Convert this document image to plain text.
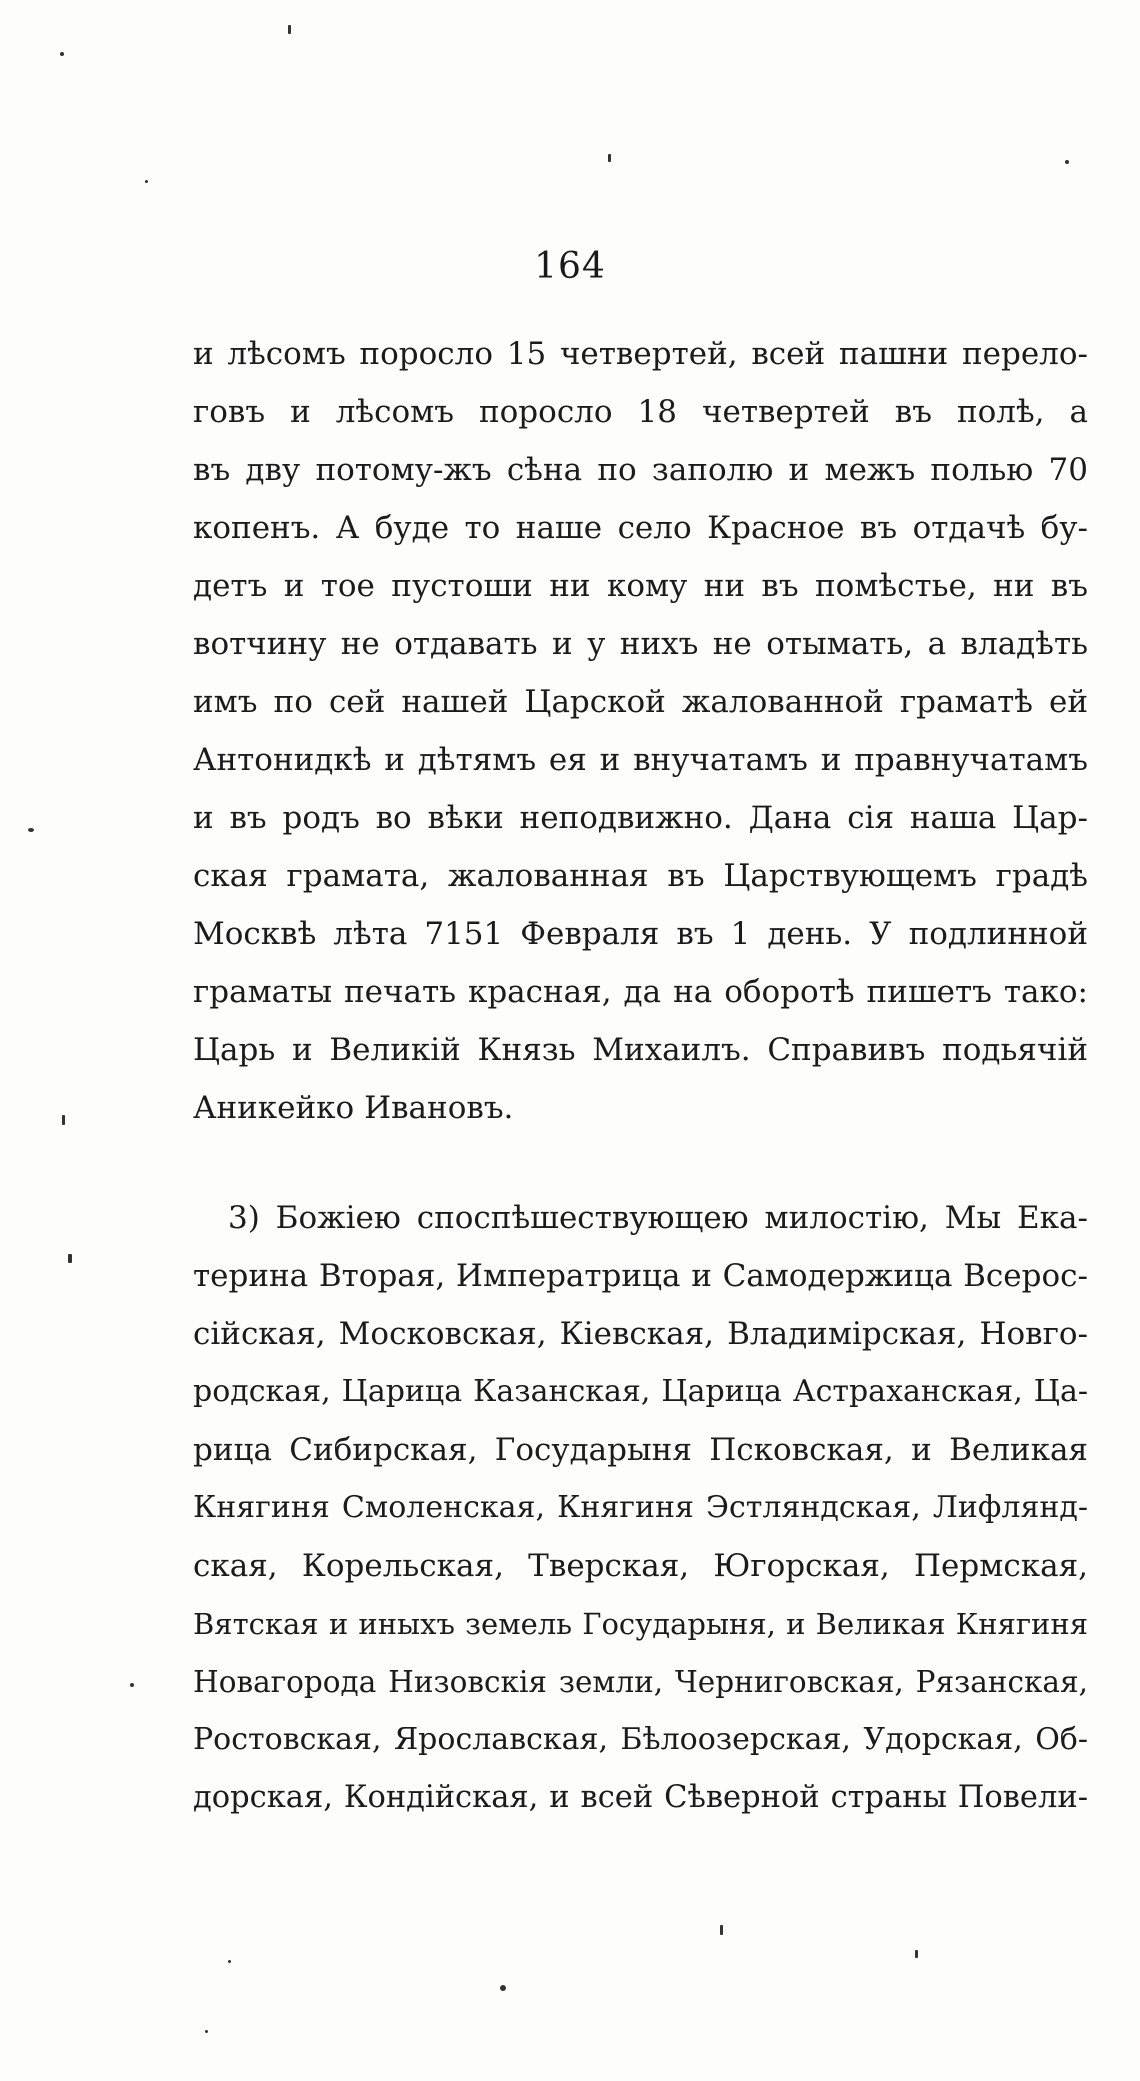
164
и лѣсомъ поросло 15 четвертей, всей пашни перело-
говъ и лѣсомъ поросло 18 четвертей въ полѣ, а
въ дву потому-жъ сѣна по заполю и межъ полью 70
копенъ. А буде то наше село Красное въ отдачѣ бу-
детъ и тое пустоши ни кому ни въ помѣстье, ни въ
вотчину не отдавать и у нихъ не отымать, а владѣть
имъ по сей нашей Царской жалованной граматѣ ей
Антонидкѣ и дѣтямъ ея и внучатамъ и правнучатамъ
и въ родъ во вѣки неподвижно. Дана сія наша Цар-
ская грамата, жалованная въ Царствующемъ градѣ
Москвѣ лѣта 7151 Февраля въ 1 день. У подлинной
граматы печать красная, да на оборотѣ пишетъ тако:
Царь и Великій Князь Михаилъ. Справивъ подьячій
Аникейко Ивановъ.
3) Божіею споспѣшествующею милостію, Мы Ека-
терина Вторая, Императрица и Самодержица Всерос-
сійская, Московская, Кіевская, Владимірская, Новго-
родская, Царица Казанская, Царица Астраханская, Ца-
рица Сибирская, Государыня Псковская, и Великая
Княгиня Смоленская, Княгиня Эстляндская, Лифлянд-
ская, Корельская, Тверская, Югорская, Пермская,
Вятская и иныхъ земель Государыня, и Великая Княгиня
Новагорода Низовскія земли, Черниговская, Рязанская,
Ростовская, Ярославская, Бѣлоозерская, Удорская, Об-
дорская, Кондійская, и всей Сѣверной страны Повели-
